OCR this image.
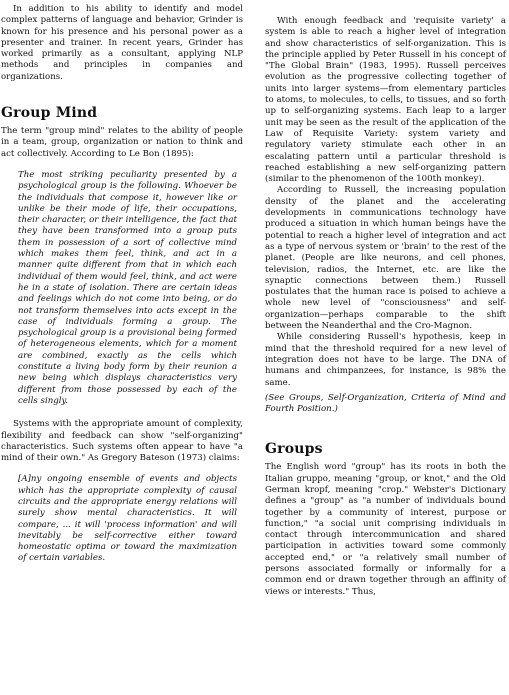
In addition to his ability to identify and model complex patterns of language and behavior, Grinder is known for his presence and his personal power as a presenter and trainer. In recent years, Grinder has worked primarily as a consultant, applying NLP methods and principles in companies and organizations.

Group Mind

The term "group mind" relates to the ability of people in a team, group, organization or nation to think and act collectively. According to Le Bon (1895):

The most striking peculiarity presented by a psychological group is the following. Whoever be the individuals that compose it, however like or unlike be their mode of life, their occupations, their character, or their intelligence, the fact that they have been transformed into a group puts them in possession of a sort of collective mind which makes them feel, think, and act in a manner quite different from that in which each individual of them would feel, think, and act were he in a state of isolation. There are certain ideas and feelings which do not come into being, or do not transform themselves into acts except in the case of individuals forming a group. The psychological group is a provisional being formed of heterogeneous elements, which for a moment are combined, exactly as the cells which constitute a living body form by their reunion a new being which displays characteristics very different from those possessed by each of the cells singly.

Systems with the appropriate amount of complexity, flexibility and feedback can show "self-organizing" characteristics. Such systems often appear to have "a mind of their own." As Gregory Bateson (1973) claims:

[A]ny ongoing ensemble of events and objects which has the appropriate complexity of causal circuits and the appropriate energy relations will surely show mental characteristics. It will compare, ... it will 'process information' and will inevitably be self-corrective either toward homeostatic optima or toward the maximization of certain variables.

With enough feedback and 'requisite variety' a system is able to reach a higher level of integration and show characteristics of self-organization. This is the principle applied by Peter Russell in his concept of "The Global Brain" (1983, 1995). Russell perceives evolution as the progressive collecting together of units into larger systems—from elementary particles to atoms, to molecules, to cells, to tissues, and so forth up to self-organizing systems. Each leap to a larger unit may be seen as the result of the application of the Law of Requisite Variety: system variety and regulatory variety stimulate each other in an escalating pattern until a particular threshold is reached establishing a new self-organizing pattern (similar to the phenomenon of the 100th monkey).

According to Russell, the increasing population density of the planet and the accelerating developments in communications technology have produced a situation in which human beings have the potential to reach a higher level of integration and act as a type of nervous system or 'brain' to the rest of the planet. (People are like neurons, and cell phones, television, radios, the Internet, etc. are like the synaptic connections between them.) Russell postulates that the human race is poised to achieve a whole new level of "consciousness" and self-organization—perhaps comparable to the shift between the Neanderthal and the Cro-Magnon.

While considering Russell's hypothesis, keep in mind that the threshold required for a new level of integration does not have to be large. The DNA of humans and chimpanzees, for instance, is 98% the same.

(See Groups, Self-Organization, Criteria of Mind and Fourth Position.)

Groups

The English word "group" has its roots in both the Italian gruppo, meaning "group, or knot," and the Old German kropf, meaning "crop." Webster's Dictionary defines a "group" as "a number of individuals bound together by a community of interest, purpose or function," "a social unit comprising individuals in contact through intercommunication and shared participation in activities toward some commonly accepted end," or "a relatively small number of persons associated formally or informally for a common end or drawn together through an affinity of views or interests." Thus,
